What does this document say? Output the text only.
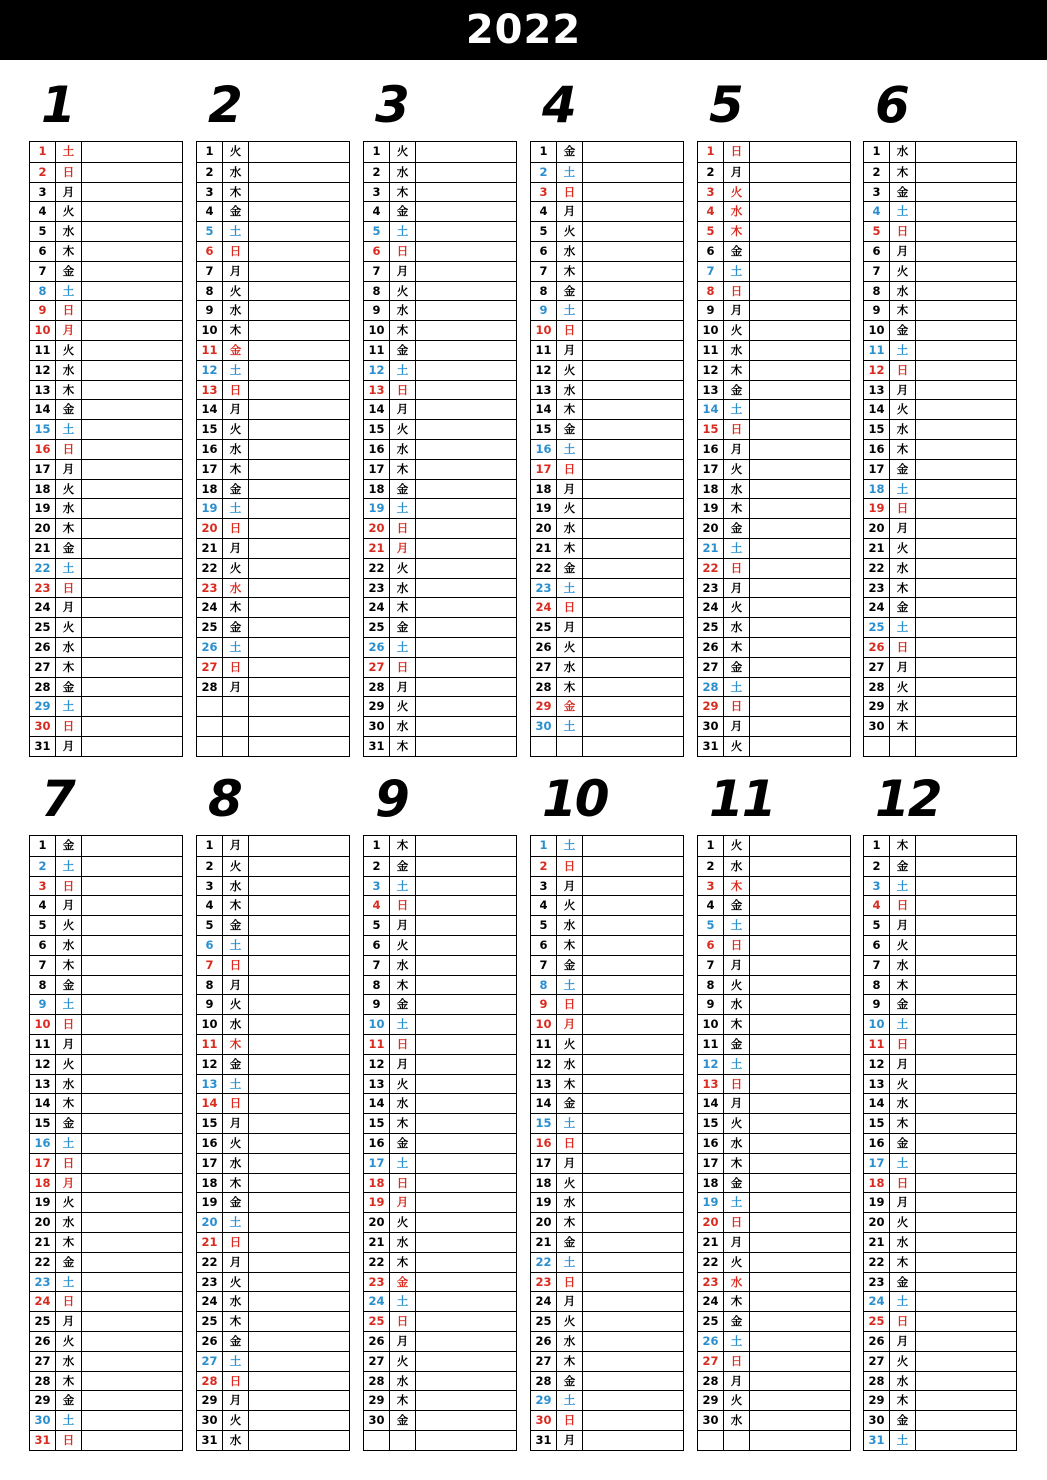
2022
1
1	土
2	日
3	月
4	火
5	水
6	木
7	金
8	土
9	日
10	月
11	火
12	水
13	木
14	金
15	土
16	日
17	月
18	火
19	水
20	木
21	金
22	土
23	日
24	月
25	火
26	水
27	木
28	金
29	土
30	日
31	月
2
1	火
2	水
3	木
4	金
5	土
6	日
7	月
8	火
9	水
10	木
11	金
12	土
13	日
14	月
15	火
16	水
17	木
18	金
19	土
20	日
21	月
22	火
23	水
24	木
25	金
26	土
27	日
28	月
3
1	火
2	水
3	木
4	金
5	土
6	日
7	月
8	火
9	水
10	木
11	金
12	土
13	日
14	月
15	火
16	水
17	木
18	金
19	土
20	日
21	月
22	火
23	水
24	木
25	金
26	土
27	日
28	月
29	火
30	水
31	木
4
1	金
2	土
3	日
4	月
5	火
6	水
7	木
8	金
9	土
10	日
11	月
12	火
13	水
14	木
15	金
16	土
17	日
18	月
19	火
20	水
21	木
22	金
23	土
24	日
25	月
26	火
27	水
28	木
29	金
30	土
5
1	日
2	月
3	火
4	水
5	木
6	金
7	土
8	日
9	月
10	火
11	水
12	木
13	金
14	土
15	日
16	月
17	火
18	水
19	木
20	金
21	土
22	日
23	月
24	火
25	水
26	木
27	金
28	土
29	日
30	月
31	火
6
1	水
2	木
3	金
4	土
5	日
6	月
7	火
8	水
9	木
10	金
11	土
12	日
13	月
14	火
15	水
16	木
17	金
18	土
19	日
20	月
21	火
22	水
23	木
24	金
25	土
26	日
27	月
28	火
29	水
30	木
7
1	金
2	土
3	日
4	月
5	火
6	水
7	木
8	金
9	土
10	日
11	月
12	火
13	水
14	木
15	金
16	土
17	日
18	月
19	火
20	水
21	木
22	金
23	土
24	日
25	月
26	火
27	水
28	木
29	金
30	土
31	日
8
1	月
2	火
3	水
4	木
5	金
6	土
7	日
8	月
9	火
10	水
11	木
12	金
13	土
14	日
15	月
16	火
17	水
18	木
19	金
20	土
21	日
22	月
23	火
24	水
25	木
26	金
27	土
28	日
29	月
30	火
31	水
9
1	木
2	金
3	土
4	日
5	月
6	火
7	水
8	木
9	金
10	土
11	日
12	月
13	火
14	水
15	木
16	金
17	土
18	日
19	月
20	火
21	水
22	木
23	金
24	土
25	日
26	月
27	火
28	水
29	木
30	金
10
1	土
2	日
3	月
4	火
5	水
6	木
7	金
8	土
9	日
10	月
11	火
12	水
13	木
14	金
15	土
16	日
17	月
18	火
19	水
20	木
21	金
22	土
23	日
24	月
25	火
26	水
27	木
28	金
29	土
30	日
31	月
11
1	火
2	水
3	木
4	金
5	土
6	日
7	月
8	火
9	水
10	木
11	金
12	土
13	日
14	月
15	火
16	水
17	木
18	金
19	土
20	日
21	月
22	火
23	水
24	木
25	金
26	土
27	日
28	月
29	火
30	水
12
1	木
2	金
3	土
4	日
5	月
6	火
7	水
8	木
9	金
10	土
11	日
12	月
13	火
14	水
15	木
16	金
17	土
18	日
19	月
20	火
21	水
22	木
23	金
24	土
25	日
26	月
27	火
28	水
29	木
30	金
31	土
